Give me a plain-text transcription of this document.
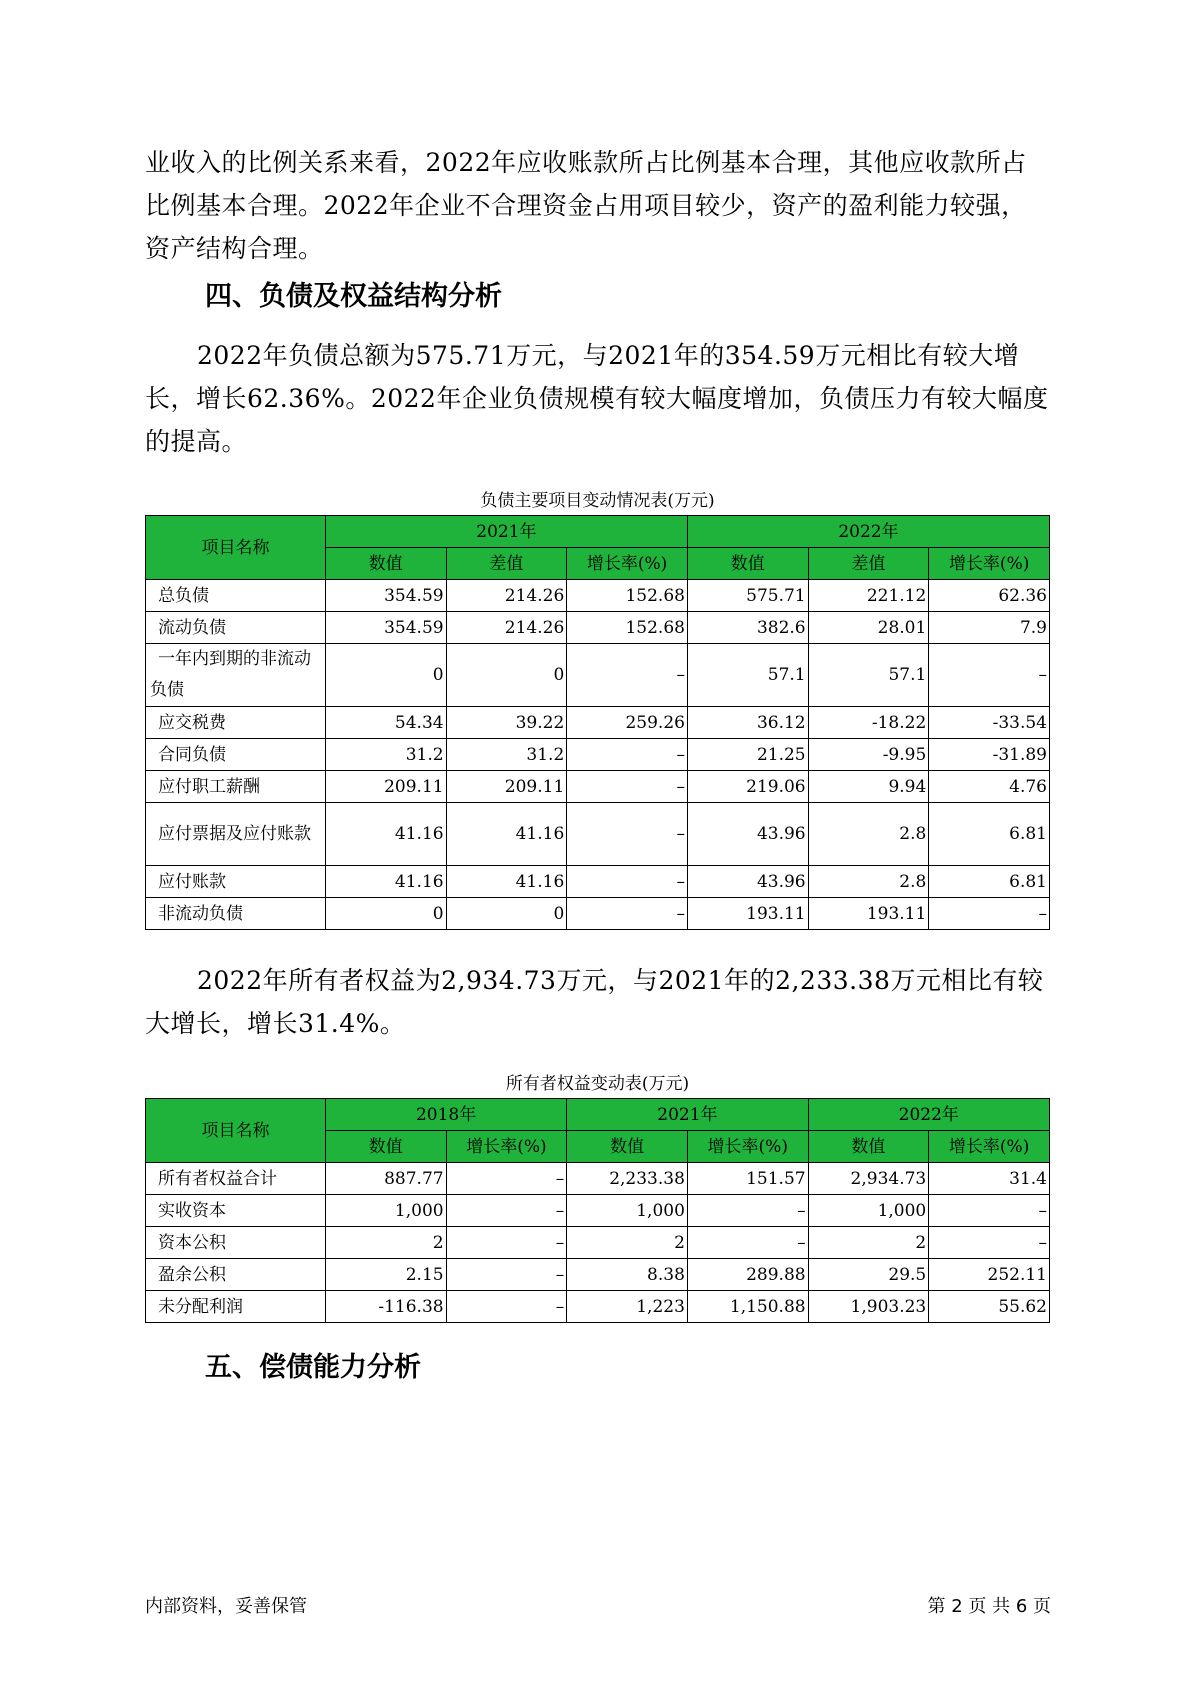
业收入的比例关系来看，2022年应收账款所占比例基本合理，其他应收款所占比例基本合理。2022年企业不合理资金占用项目较少，资产的盈利能力较强，资产结构合理。

四、负债及权益结构分析

2022年负债总额为575.71万元，与2021年的354.59万元相比有较大增长，增长62.36%。2022年企业负债规模有较大幅度增加，负债压力有较大幅度的提高。

负债主要项目变动情况表(万元)

项目名称	2021年			2022年		
	数值	差值	增长率(%)	数值	差值	增长率(%)
总负债	354.59	214.26	152.68	575.71	221.12	62.36
流动负债	354.59	214.26	152.68	382.6	28.01	7.9
一年内到期的非流动负债	0	0	–	57.1	57.1	–
应交税费	54.34	39.22	259.26	36.12	-18.22	-33.54
合同负债	31.2	31.2	–	21.25	-9.95	-31.89
应付职工薪酬	209.11	209.11	–	219.06	9.94	4.76
应付票据及应付账款	41.16	41.16	–	43.96	2.8	6.81
应付账款	41.16	41.16	–	43.96	2.8	6.81
非流动负债	0	0	–	193.11	193.11	–

2022年所有者权益为2,934.73万元，与2021年的2,233.38万元相比有较大增长，增长31.4%。

所有者权益变动表(万元)

项目名称	2018年		2021年		2022年	
	数值	增长率(%)	数值	增长率(%)	数值	增长率(%)
所有者权益合计	887.77	–	2,233.38	151.57	2,934.73	31.4
实收资本	1,000	–	1,000	–	1,000	–
资本公积	2	–	2	–	2	–
盈余公积	2.15	–	8.38	289.88	29.5	252.11
未分配利润	-116.38	–	1,223	1,150.88	1,903.23	55.62
五、偿债能力分析
内部资料，妥善保管	第 2 页 共 6 页
